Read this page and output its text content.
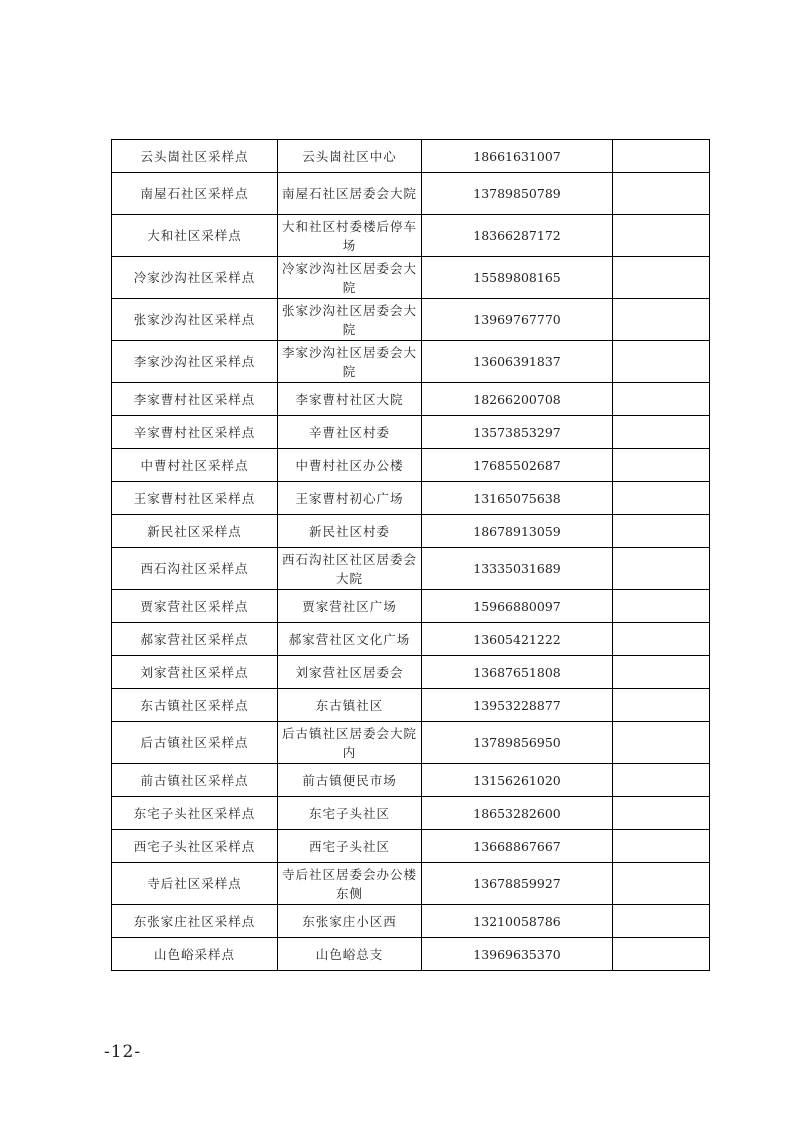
云头崮社区采样点	云头崮社区中心	18661631007	
南屋石社区采样点	南屋石社区居委会大院	13789850789	
大和社区采样点	大和社区村委楼后停车场	18366287172	
冷家沙沟社区采样点	冷家沙沟社区居委会大院	15589808165	
张家沙沟社区采样点	张家沙沟社区居委会大院	13969767770	
李家沙沟社区采样点	李家沙沟社区居委会大院	13606391837	
李家曹村社区采样点	李家曹村社区大院	18266200708	
辛家曹村社区采样点	辛曹社区村委	13573853297	
中曹村社区采样点	中曹村社区办公楼	17685502687	
王家曹村社区采样点	王家曹村初心广场	13165075638	
新民社区采样点	新民社区村委	18678913059	
西石沟社区采样点	西石沟社区社区居委会大院	13335031689	
贾家营社区采样点	贾家营社区广场	15966880097	
郝家营社区采样点	郝家营社区文化广场	13605421222	
刘家营社区采样点	刘家营社区居委会	13687651808	
东古镇社区采样点	东古镇社区	13953228877	
后古镇社区采样点	后古镇社区居委会大院内	13789856950	
前古镇社区采样点	前古镇便民市场	13156261020	
东宅子头社区采样点	东宅子头社区	18653282600	
西宅子头社区采样点	西宅子头社区	13668867667	
寺后社区采样点	寺后社区居委会办公楼东侧	13678859927	
东张家庄社区采样点	东张家庄小区西	13210058786	
山色峪采样点	山色峪总支	13969635370	
-12-
